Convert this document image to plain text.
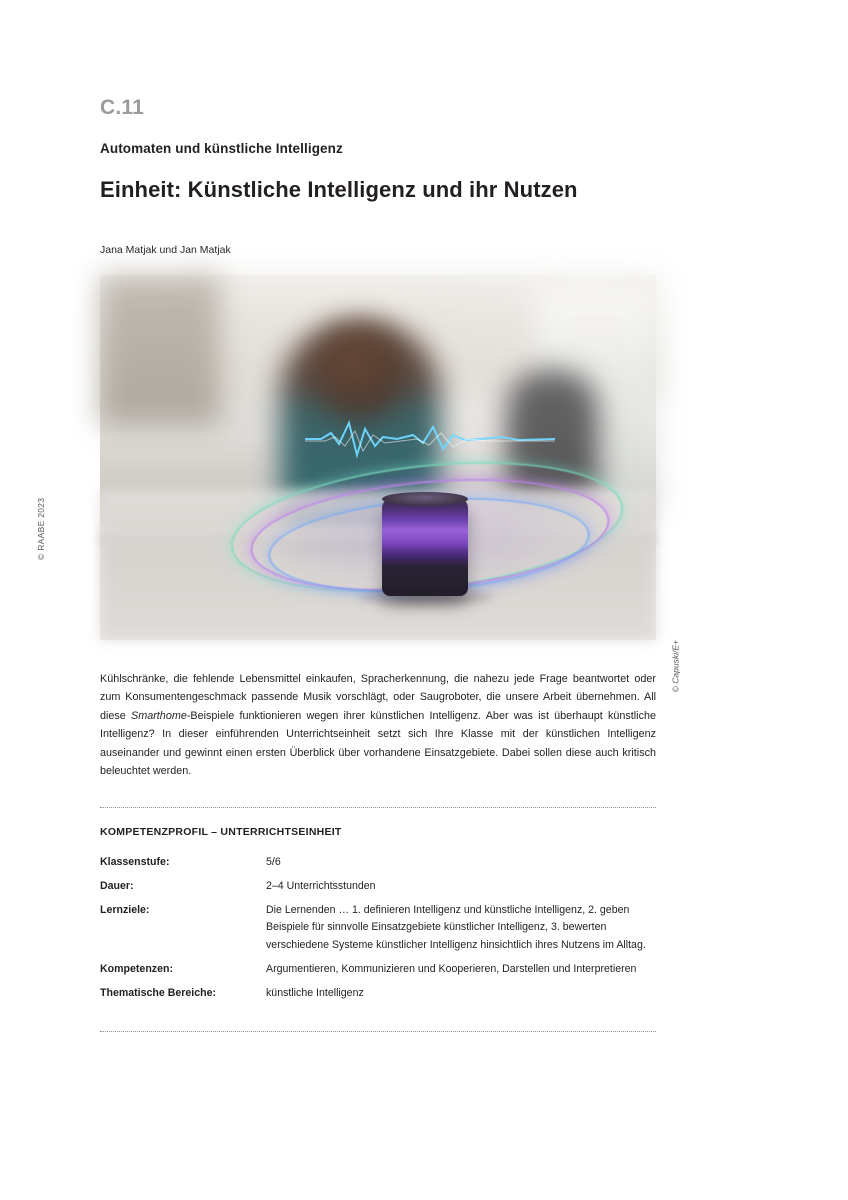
© RAABE 2023
C.11
Automaten und künstliche Intelligenz
Einheit: Künstliche Intelligenz und ihr Nutzen
Jana Matjak und Jan Matjak
© Capuski/E+

Kühlschränke, die fehlende Lebensmittel einkaufen, Spracherkennung, die nahezu jede Frage beantwortet oder zum Konsumentengeschmack passende Musik vorschlägt, oder Saugroboter, die unsere Arbeit übernehmen. All diese Smarthome-Beispiele funktionieren wegen ihrer künstlichen Intelligenz. Aber was ist überhaupt künstliche Intelligenz? In dieser einführenden Unterrichtseinheit setzt sich Ihre Klasse mit der künstlichen Intelligenz auseinander und gewinnt einen ersten Überblick über vorhandene Einsatzgebiete. Dabei sollen diese auch kritisch beleuchtet werden.

KOMPETENZPROFIL – UNTERRICHTSEINHEIT
Klassenstufe:	5/6
Dauer:	2–4 Unterrichtsstunden
Lernziele:	Die Lernenden … 1. definieren Intelligenz und künstliche Intelligenz, 2. geben Beispiele für sinnvolle Einsatzgebiete künstlicher Intelligenz, 3. bewerten verschiedene Systeme künstlicher Intelligenz hinsichtlich ihres Nutzens im Alltag.
Kompetenzen:	Argumentieren, Kommunizieren und Kooperieren, Darstellen und Interpretieren
Thematische Bereiche:	künstliche Intelligenz
